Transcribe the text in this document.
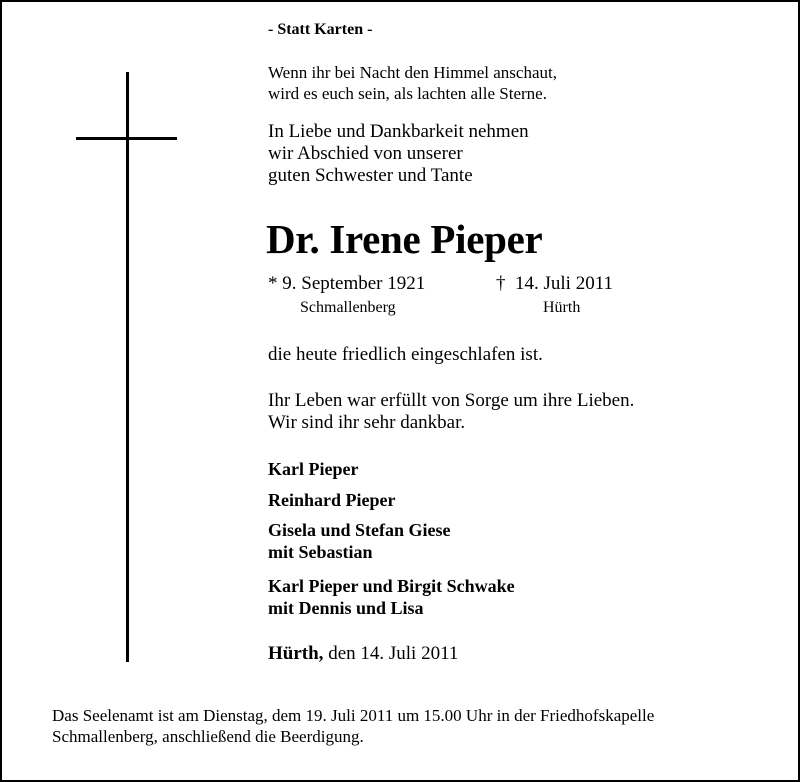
- Statt Karten -
Wenn ihr bei Nacht den Himmel anschaut,
wird es euch sein, als lachten alle Sterne.
In Liebe und Dankbarkeit nehmen
wir Abschied von unserer
guten Schwester und Tante
Dr. Irene Pieper
* 9. September 1921	† 14. Juli 2011
Schmallenberg	Hürth
die heute friedlich eingeschlafen ist.
Ihr Leben war erfüllt von Sorge um ihre Lieben.
Wir sind ihr sehr dankbar.
Karl Pieper
Reinhard Pieper
Gisela und Stefan Giese
mit Sebastian
Karl Pieper und Birgit Schwake
mit Dennis und Lisa
Hürth, den 14. Juli 2011
Das Seelenamt ist am Dienstag, dem 19. Juli 2011 um 15.00 Uhr in der Friedhofskapelle
Schmallenberg, anschließend die Beerdigung.
